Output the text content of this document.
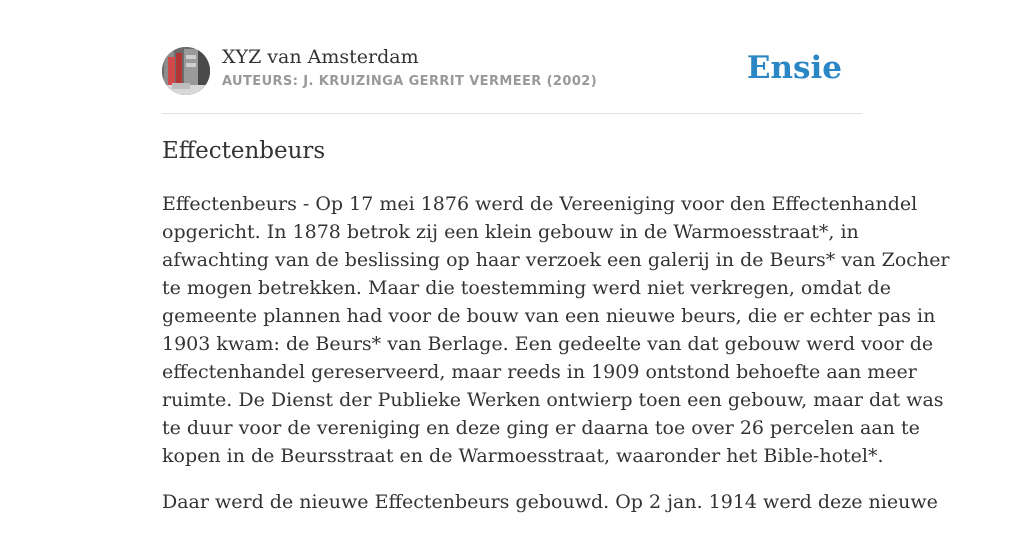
XYZ van Amsterdam
AUTEURS: J. KRUIZINGA GERRIT VERMEER (2002)	Ensie
Effectenbeurs

Effectenbeurs - Op 17 mei 1876 werd de Vereeniging voor den Effectenhandel
opgericht. In 1878 betrok zij een klein gebouw in de Warmoesstraat*, in
afwachting van de beslissing op haar verzoek een galerij in de Beurs* van Zocher
te mogen betrekken. Maar die toestemming werd niet verkregen, omdat de
gemeente plannen had voor de bouw van een nieuwe beurs, die er echter pas in
1903 kwam: de Beurs* van Berlage. Een gedeelte van dat gebouw werd voor de
effectenhandel gereserveerd, maar reeds in 1909 ontstond behoefte aan meer
ruimte. De Dienst der Publieke Werken ontwierp toen een gebouw, maar dat was
te duur voor de vereniging en deze ging er daarna toe over 26 percelen aan te
kopen in de Beursstraat en de Warmoesstraat, waaronder het Bible-hotel*.

Daar werd de nieuwe Effectenbeurs gebouwd. Op 2 jan. 1914 werd deze nieuwe
